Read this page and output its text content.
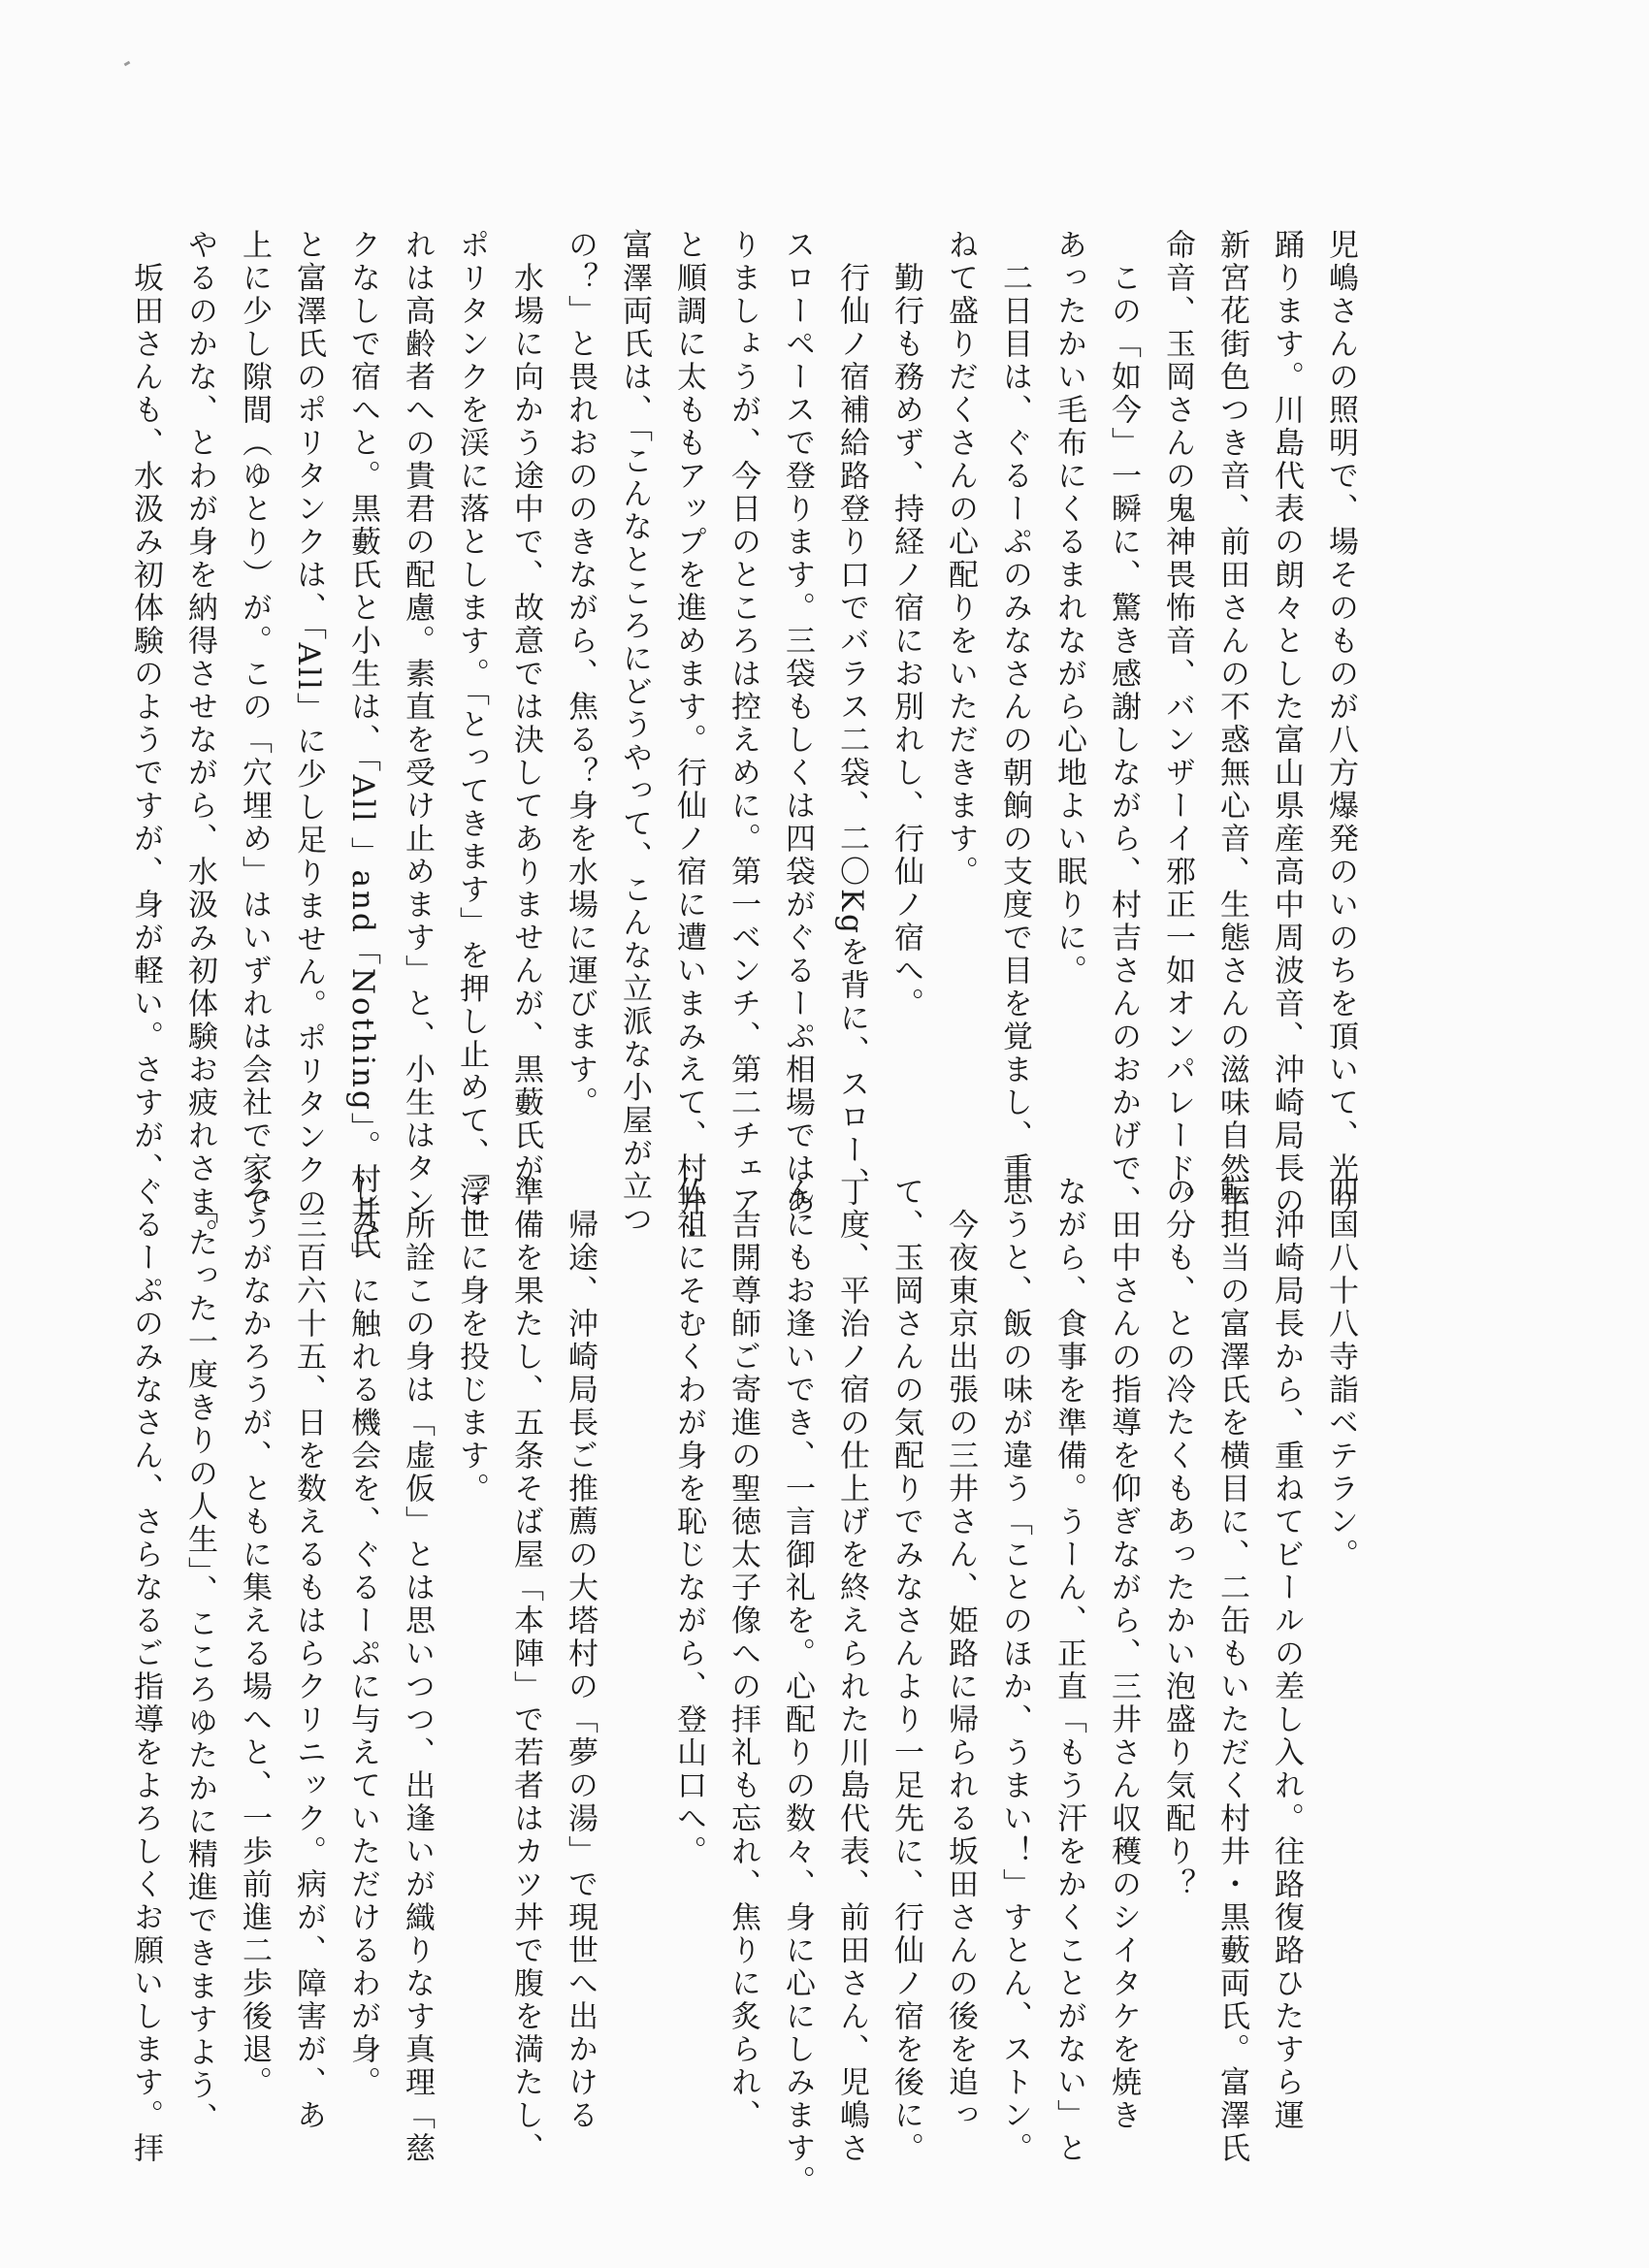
児嶋さんの照明で、場そのものが八方爆発のいのちを頂いて、光り
踊ります。川島代表の朗々とした富山県産高中周波音、沖崎局長の
新宮花街色つき音、前田さんの不惑無心音、生態さんの滋味自然生
命音、玉岡さんの鬼神畏怖音、バンザーイ邪正一如オンパレード。
　この「如今」一瞬に、驚き感謝しながら、村吉さんのおかげで、
あったかい毛布にくるまれながら心地よい眠りに。
　二日目は、ぐるーぷのみなさんの朝餉の支度で目を覚まし、重
ねて盛りだくさんの心配りをいただきます。
　勤行も務めず、持経ノ宿にお別れし、行仙ノ宿へ。
　行仙ノ宿補給路登り口でバラス二袋、二〇Kgを背に、スロー、
スローペースで登ります。三袋もしくは四袋がぐるーぷ相場ではあ
りましょうが、今日のところは控えめに。第一ベンチ、第二チェア
と順調に太ももアップを進めます。行仙ノ宿に遭いまみえて、村井・
富澤両氏は、「こんなところにどうやって、こんな立派な小屋が立つ
の？」と畏れおののきながら、焦る？身を水場に運びます。
　水場に向かう途中で、故意では決してありませんが、黒藪氏が
ポリタンクを渓に落とします。「とってきます」を押し止めて、「こ
れは高齢者への貴君の配慮。素直を受け止めます」と、小生はタン
クなしで宿へと。黒藪氏と小生は、「All 」and「Nothing」。村井氏
と富澤氏のポリタンクは、「All」に少し足りません。ポリタンクの
上に少し隙間（ゆとり）が。この「穴埋め」はいずれは会社で家で
やるのかな、とわが身を納得させながら、水汲み初体験お疲れさま。
　坂田さんも、水汲み初体験のようですが、身が軽い。さすが、
四国八十八寺詣ベテラン。
　沖崎局長から、重ねてビールの差し入れ。往路復路ひたすら運
転担当の富澤氏を横目に、二缶もいただく村井・黒藪両氏。富澤氏
の分も、との冷たくもあったかい泡盛り気配り？
　田中さんの指導を仰ぎながら、三井さん収穫のシイタケを焼き
ながら、食事を準備。うーん、正直「もう汗をかくことがない」と
思うと、飯の味が違う「ことのほか、うまい！」すとん、ストン。
　今夜東京出張の三井さん、姫路に帰られる坂田さんの後を追っ
て、玉岡さんの気配りでみなさんより一足先に、行仙ノ宿を後に。
丁度、平治ノ宿の仕上げを終えられた川島代表、前田さん、児嶋さ
んにもお逢いでき、一言御礼を。心配りの数々、身に心にしみます。
　吉開尊師ご寄進の聖徳太子像への拝礼も忘れ、焦りに炙られ、
仏祖にそむくわが身を恥じながら、登山口へ。

　帰途、沖崎局長ご推薦の大塔村の「夢の湯」で現世へ出かける
準備を果たし、五条そば屋「本陣」で若者はカツ丼で腹を満たし、
浮世に身を投じます。
　所詮この身は「虚仮」とは思いつつ、出逢いが織りなす真理「慈
しみ」に触れる機会を、ぐるーぷに与えていただけるわが身。
　三百六十五、日を数えるもはらクリニック。病が、障害が、あ
ろうがなかろうが、ともに集える場へと、一歩前進二歩後退。
　「たった一度きりの人生」、こころゆたかに精進できますよう、
ぐるーぷのみなさん、さらなるご指導をよろしくお願いします。拝
